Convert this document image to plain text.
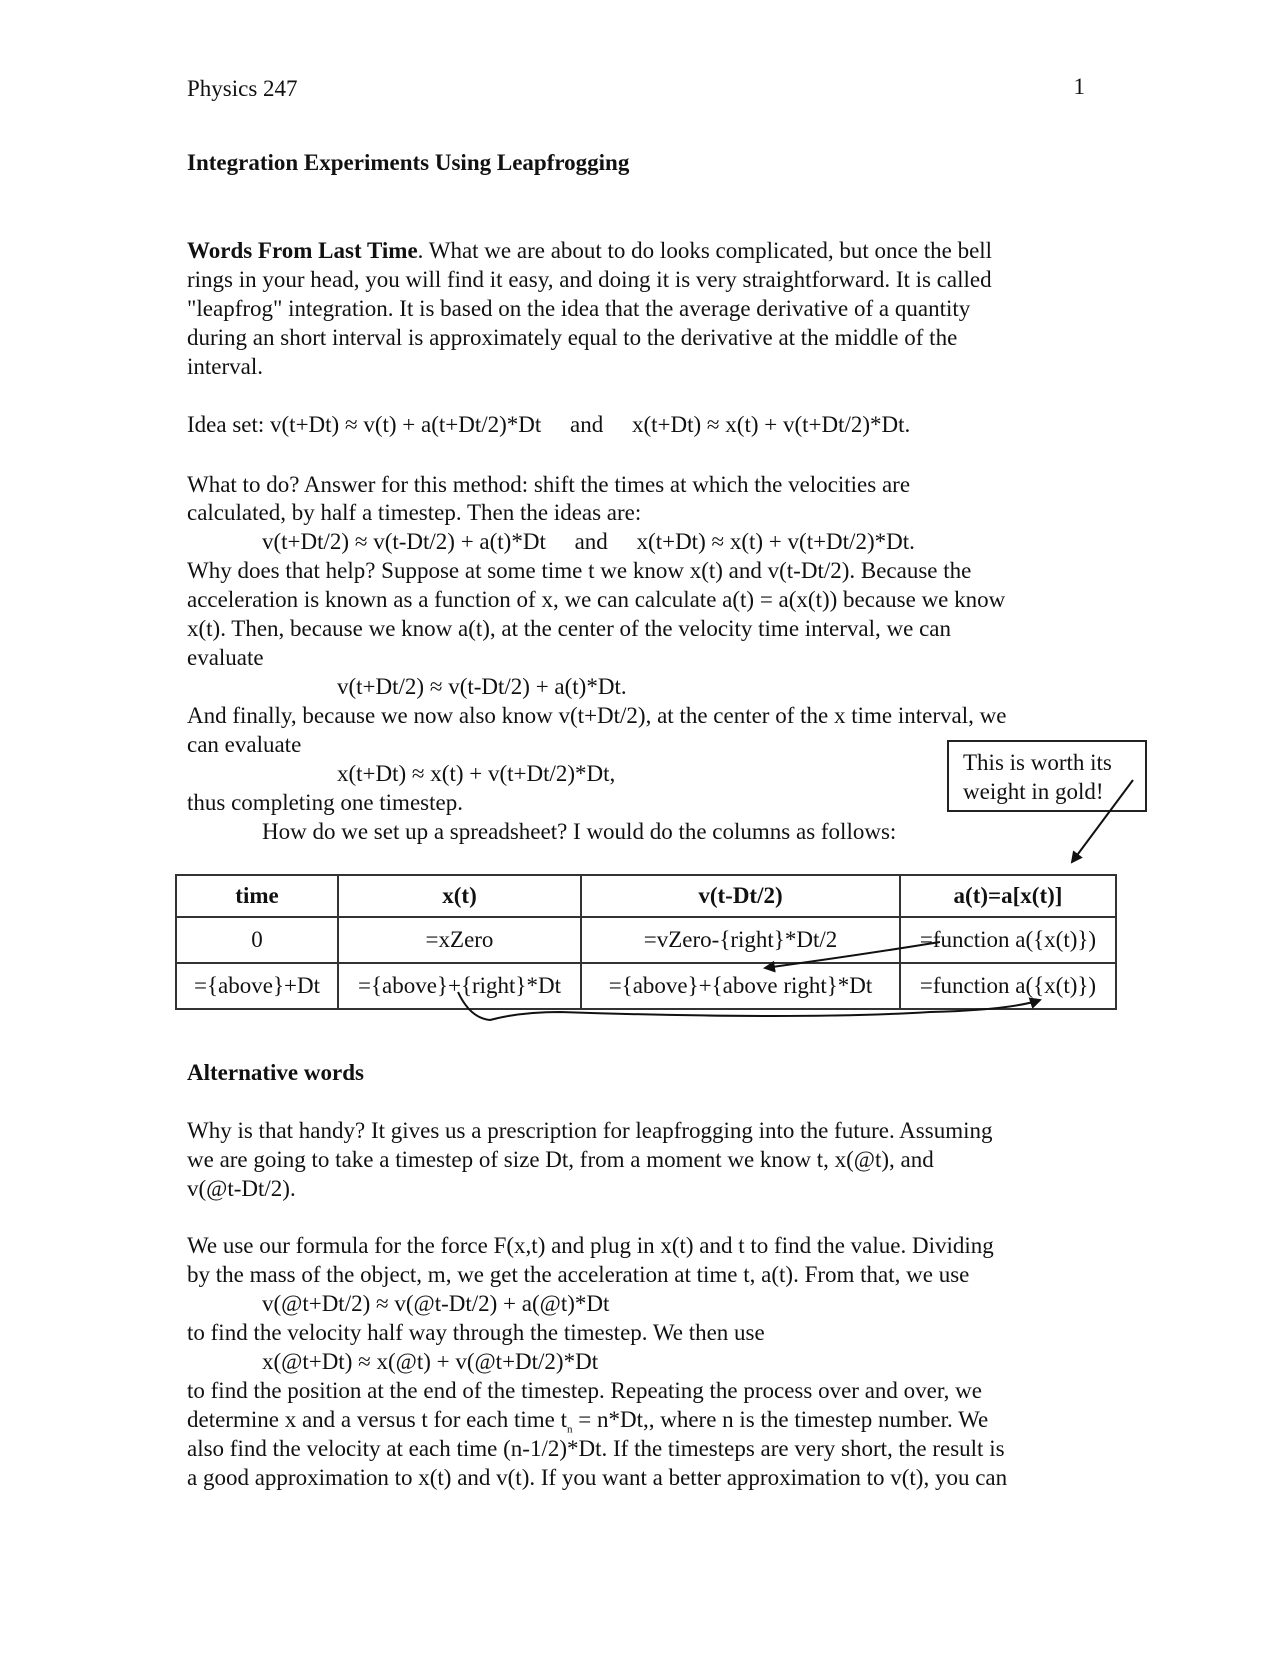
Physics 247	1
Integration Experiments Using Leapfrogging
Words From Last Time. What we are about to do looks complicated, but once the bell
rings in your head, you will find it easy, and doing it is very straightforward. It is called
"leapfrog" integration. It is based on the idea that the average derivative of a quantity
during an short interval is approximately equal to the derivative at the middle of the
interval.
Idea set: v(t+Dt) ≈ v(t) + a(t+Dt/2)*Dt     and     x(t+Dt) ≈ x(t) + v(t+Dt/2)*Dt.
What to do? Answer for this method: shift the times at which the velocities are
calculated, by half a timestep. Then the ideas are:
v(t+Dt/2) ≈ v(t-Dt/2) + a(t)*Dt     and     x(t+Dt) ≈ x(t) + v(t+Dt/2)*Dt.
Why does that help? Suppose at some time t we know x(t) and v(t-Dt/2). Because the
acceleration is known as a function of x, we can calculate a(t) = a(x(t)) because we know
x(t). Then, because we know a(t), at the center of the velocity time interval, we can
evaluate
v(t+Dt/2) ≈ v(t-Dt/2) + a(t)*Dt.
And finally, because we now also know v(t+Dt/2), at the center of the x time interval, we
can evaluate
x(t+Dt) ≈ x(t) + v(t+Dt/2)*Dt,
thus completing one timestep.
How do we set up a spreadsheet? I would do the columns as follows:
This is worth its
weight in gold!
time	x(t)	v(t-Dt/2)	a(t)=a[x(t)]
0	=xZero	=vZero-{right}*Dt/2	=function a({x(t)})
={above}+Dt	={above}+{right}*Dt	={above}+{above right}*Dt	=function a({x(t)})
Alternative words
Why is that handy? It gives us a prescription for leapfrogging into the future. Assuming
we are going to take a timestep of size Dt, from a moment we know t, x(@t), and
v(@t-Dt/2).
We use our formula for the force F(x,t) and plug in x(t) and t to find the value. Dividing
by the mass of the object, m, we get the acceleration at time t, a(t). From that, we use
v(@t+Dt/2) ≈ v(@t-Dt/2) + a(@t)*Dt
to find the velocity half way through the timestep. We then use
x(@t+Dt) ≈ x(@t) + v(@t+Dt/2)*Dt
to find the position at the end of the timestep. Repeating the process over and over, we
determine x and a versus t for each time $t_n = n*Dt$,, where n is the timestep number. We
also find the velocity at each time (n-1/2)*Dt. If the timesteps are very short, the result is
a good approximation to x(t) and v(t). If you want a better approximation to v(t), you can
